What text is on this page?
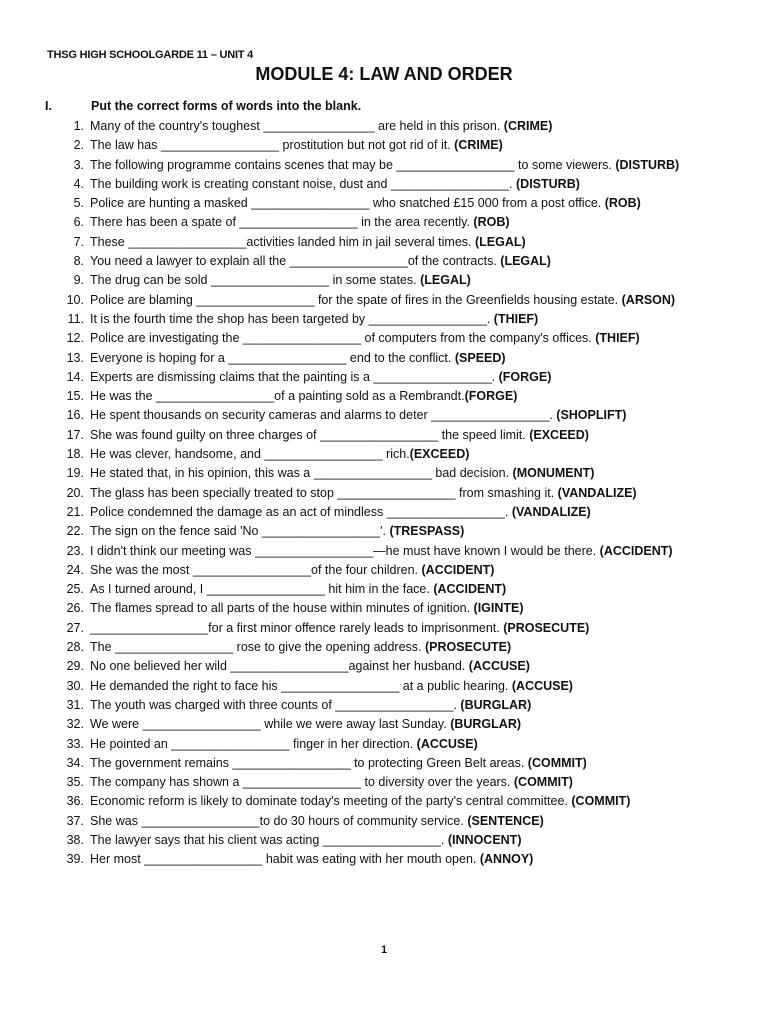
THSG HIGH SCHOOLGARDE 11 – UNIT 4
MODULE 4: LAW AND ORDER
I.	Put the correct forms of words into the blank.
1. Many of the country's toughest ________________ are held in this prison. (CRIME)
2. The law has _________________ prostitution but not got rid of it. (CRIME)
3. The following programme contains scenes that may be _________________ to some viewers. (DISTURB)
4. The building work is creating constant noise, dust and _________________. (DISTURB)
5. Police are hunting a masked _________________ who snatched £15 000 from a post office. (ROB)
6. There has been a spate of _________________ in the area recently. (ROB)
7. These _________________activities landed him in jail several times. (LEGAL)
8. You need a lawyer to explain all the _________________of the contracts. (LEGAL)
9. The drug can be sold _________________ in some states. (LEGAL)
10. Police are blaming _________________ for the spate of fires in the Greenfields housing estate. (ARSON)
11. It is the fourth time the shop has been targeted by _________________. (THIEF)
12. Police are investigating the _________________ of computers from the company's offices. (THIEF)
13. Everyone is hoping for a _________________ end to the conflict. (SPEED)
14. Experts are dismissing claims that the painting is a _________________. (FORGE)
15. He was the _________________of a painting sold as a Rembrandt.(FORGE)
16. He spent thousands on security cameras and alarms to deter _________________. (SHOPLIFT)
17. She was found guilty on three charges of _________________ the speed limit. (EXCEED)
18. He was clever, handsome, and _________________ rich.(EXCEED)
19. He stated that, in his opinion, this was a _________________ bad decision. (MONUMENT)
20. The glass has been specially treated to stop _________________ from smashing it. (VANDALIZE)
21. Police condemned the damage as an act of mindless _________________. (VANDALIZE)
22. The sign on the fence said 'No _________________'. (TRESPASS)
23. I didn't think our meeting was _________________—he must have known I would be there. (ACCIDENT)
24. She was the most _________________of the four children. (ACCIDENT)
25. As I turned around, I _________________ hit him in the face. (ACCIDENT)
26. The flames spread to all parts of the house within minutes of ignition. (IGINTE)
27. _________________for a first minor offence rarely leads to imprisonment. (PROSECUTE)
28. The _________________ rose to give the opening address. (PROSECUTE)
29. No one believed her wild _________________against her husband. (ACCUSE)
30. He demanded the right to face his _________________ at a public hearing. (ACCUSE)
31. The youth was charged with three counts of _________________. (BURGLAR)
32. We were _________________ while we were away last Sunday. (BURGLAR)
33. He pointed an _________________ finger in her direction. (ACCUSE)
34. The government remains _________________ to protecting Green Belt areas. (COMMIT)
35. The company has shown a _________________ to diversity over the years. (COMMIT)
36. Economic reform is likely to dominate today's meeting of the party's central committee. (COMMIT)
37. She was _________________to do 30 hours of community service. (SENTENCE)
38. The lawyer says that his client was acting _________________. (INNOCENT)
39. Her most _________________ habit was eating with her mouth open. (ANNOY)
1
